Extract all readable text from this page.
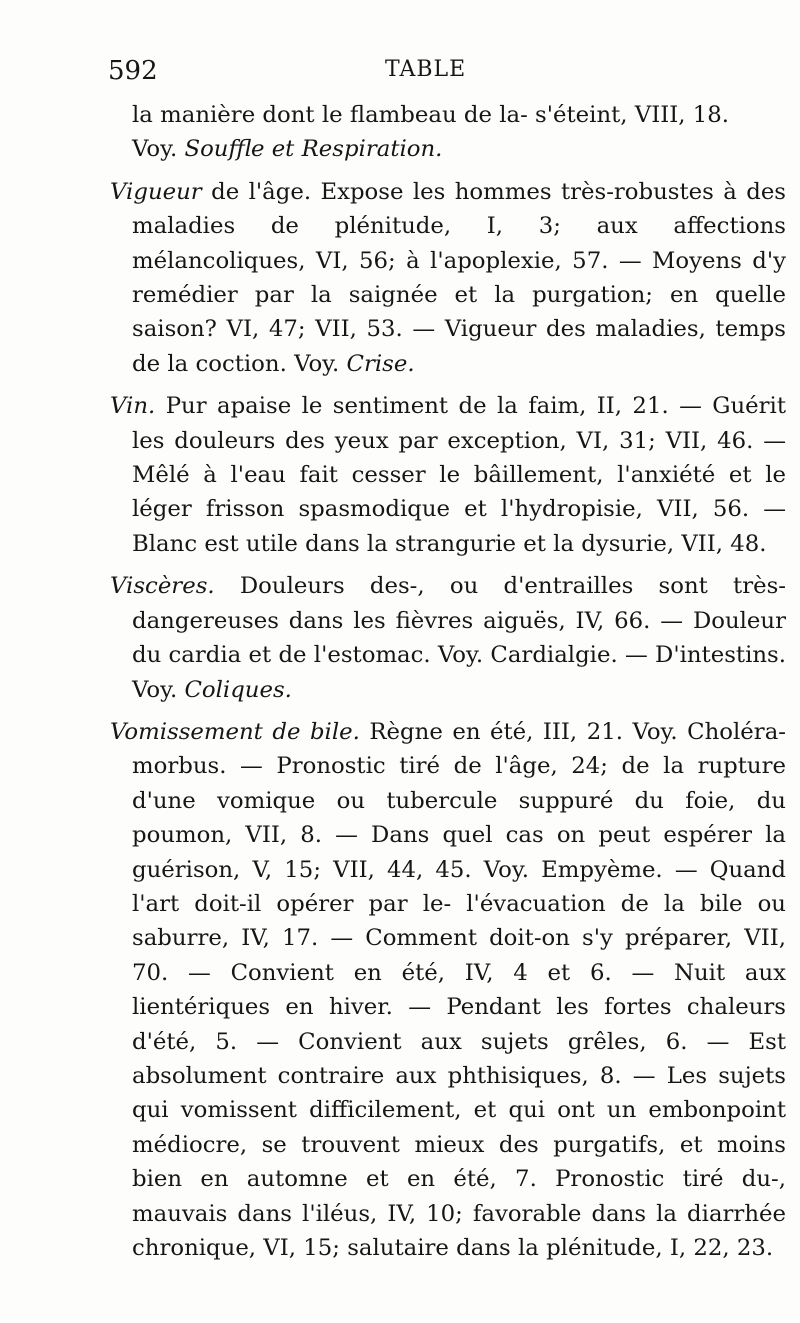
592	TABLE

la manière dont le flambeau de la- s'éteint, VIII, 18.
Voy. Souffle et Respiration.

Vigueur de l'âge. Expose les hommes très-robustes à des maladies de plénitude, I, 3; aux affections mélancoliques, VI, 56; à l'apoplexie, 57. — Moyens d'y remédier par la saignée et la purgation; en quelle saison? VI, 47; VII, 53. — Vigueur des maladies, temps de la coction. Voy. Crise.

Vin. Pur apaise le sentiment de la faim, II, 21. — Guérit les douleurs des yeux par exception, VI, 31; VII, 46. — Mêlé à l'eau fait cesser le bâillement, l'anxiété et le léger frisson spasmodique et l'hydropisie, VII, 56. — Blanc est utile dans la strangurie et la dysurie, VII, 48.

Viscères. Douleurs des-, ou d'entrailles sont très-dangereuses dans les fièvres aiguës, IV, 66. — Douleur du cardia et de l'estomac. Voy. Cardialgie. — D'intestins. Voy. Coliques.

Vomissement de bile. Règne en été, III, 21. Voy. Choléra-morbus. — Pronostic tiré de l'âge, 24; de la rupture d'une vomique ou tubercule suppuré du foie, du poumon, VII, 8. — Dans quel cas on peut espérer la guérison, V, 15; VII, 44, 45. Voy. Empyème. — Quand l'art doit-il opérer par le- l'évacuation de la bile ou saburre, IV, 17. — Comment doit-on s'y préparer, VII, 70. — Convient en été, IV, 4 et 6. — Nuit aux lientériques en hiver. — Pendant les fortes chaleurs d'été, 5. — Convient aux sujets grêles, 6. — Est absolument contraire aux phthisiques, 8. — Les sujets qui vomissent difficilement, et qui ont un embonpoint médiocre, se trouvent mieux des purgatifs, et moins bien en automne et en été, 7. Pronostic tiré du-, mauvais dans l'iléus, IV, 10; favorable dans la diarrhée chronique, VI, 15; salutaire dans la plénitude, I, 22, 23.
